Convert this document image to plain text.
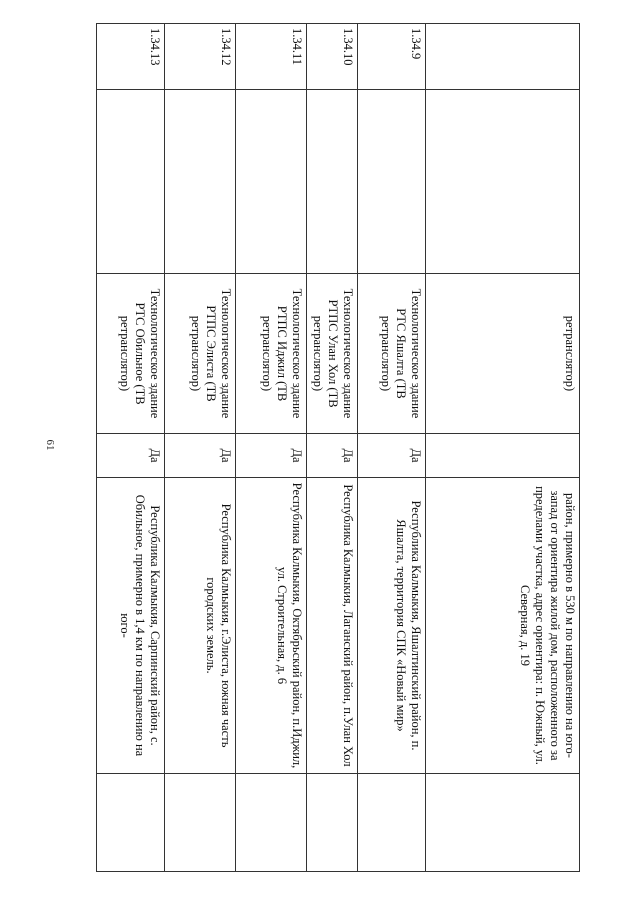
61
		ретранслятор)		район, примерно в 530 м по направлению на юго-запад от ориентира жилой дом, расположенного за пределами участка, адрес ориентира: п. Южный, ул. Северная, д. 19	
1.34.9		Технологическое здание РТС Яшалта (ТВ ретранслятор)	Да	Республика Калмыкия, Яшалтинский район, п. Яшалта, территория СПК «Новый мир»	
1.34.10		Технологическое здание РТПС Улан Хол (ТВ ретранслятор)	Да	Республика Калмыкия, Лаганский район, п.Улан Хол	
1.34.11		Технологическое здание РТПС Иджил (ТВ ретранслятор)	Да	Республика Калмыкия, Октябрьский район, п.Иджил, ул. Строительная, д. 6	
1.34.12		Технологическое здание РТПС Элиста (ТВ ретранслятор)	Да	Республика Калмыкия, г.Элиста, южная часть городских земель.	
1.34.13		Технологическое здание РТС Обильное (ТВ ретранслятор)	Да	Республика Калмыкия, Сарпинский район, с. Обильное, примерно в 1,4 км по направлению на юго-	
